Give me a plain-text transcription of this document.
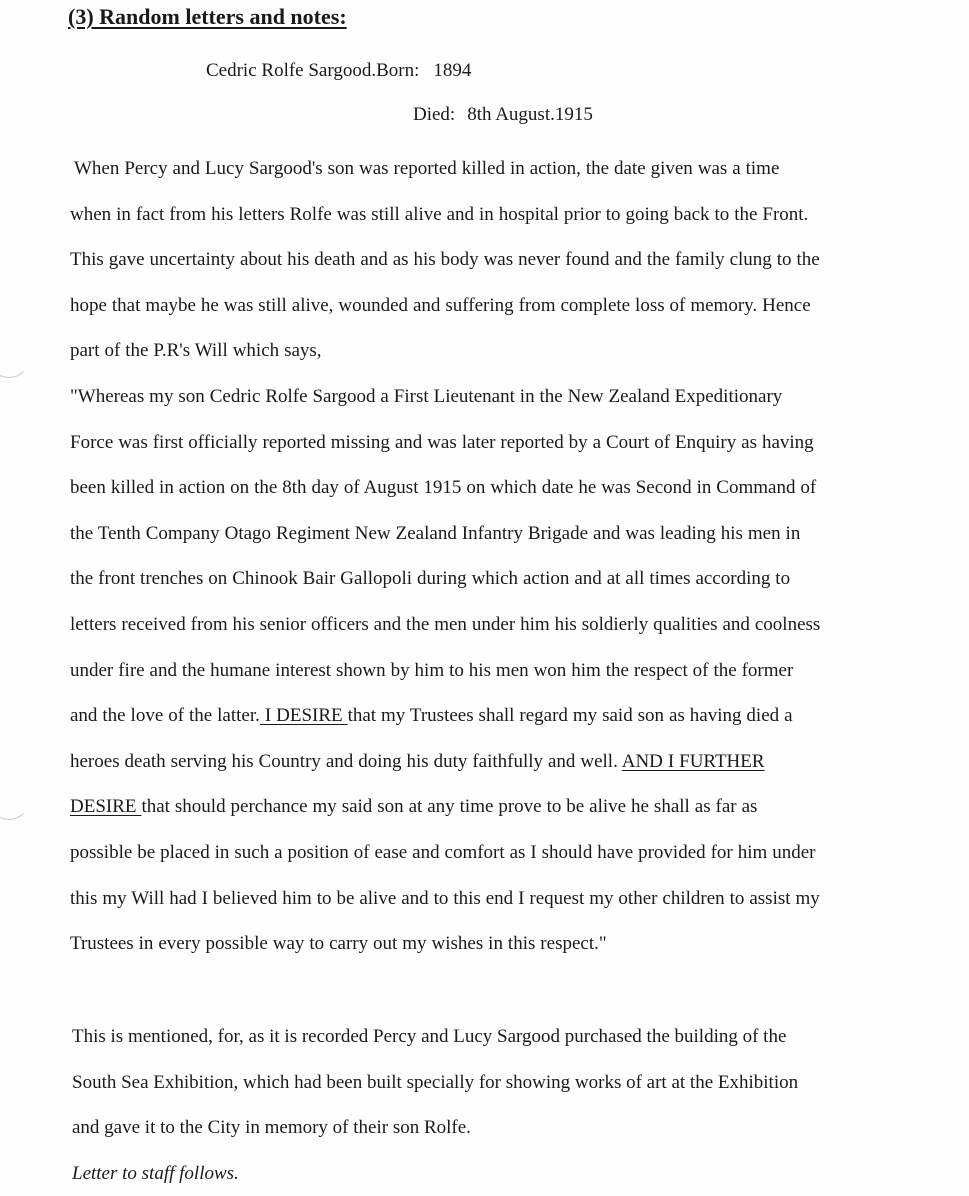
(3) Random letters and notes:
Cedric Rolfe Sargood.Born: 1894
Died: 8th August.1915
When Percy and Lucy Sargood's son was reported killed in action, the date given was a time
when in fact from his letters Rolfe was still alive and in hospital prior to going back to the Front.
This gave uncertainty about his death and as his body was never found and the family clung to the
hope that maybe he was still alive, wounded and suffering from complete loss of memory. Hence
part of the P.R's Will which says,
"Whereas my son Cedric Rolfe Sargood a First Lieutenant in the New Zealand Expeditionary
Force was first officially reported missing and was later reported by a Court of Enquiry as having
been killed in action on the 8th day of August 1915 on which date he was Second in Command of
the Tenth Company Otago Regiment New Zealand Infantry Brigade and was leading his men in
the front trenches on Chinook Bair Gallopoli during which action and at all times according to
letters received from his senior officers and the men under him his soldierly qualities and coolness
under fire and the humane interest shown by him to his men won him the respect of the former
and the love of the latter. I DESIRE that my Trustees shall regard my said son as having died a
heroes death serving his Country and doing his duty faithfully and well. AND I FURTHER
DESIRE that should perchance my said son at any time prove to be alive he shall as far as
possible be placed in such a position of ease and comfort as I should have provided for him under
this my Will had I believed him to be alive and to this end I request my other children to assist my
Trustees in every possible way to carry out my wishes in this respect."
This is mentioned, for, as it is recorded Percy and Lucy Sargood purchased the building of the
South Sea Exhibition, which had been built specially for showing works of art at the Exhibition
and gave it to the City in memory of their son Rolfe.
Letter to staff follows.
